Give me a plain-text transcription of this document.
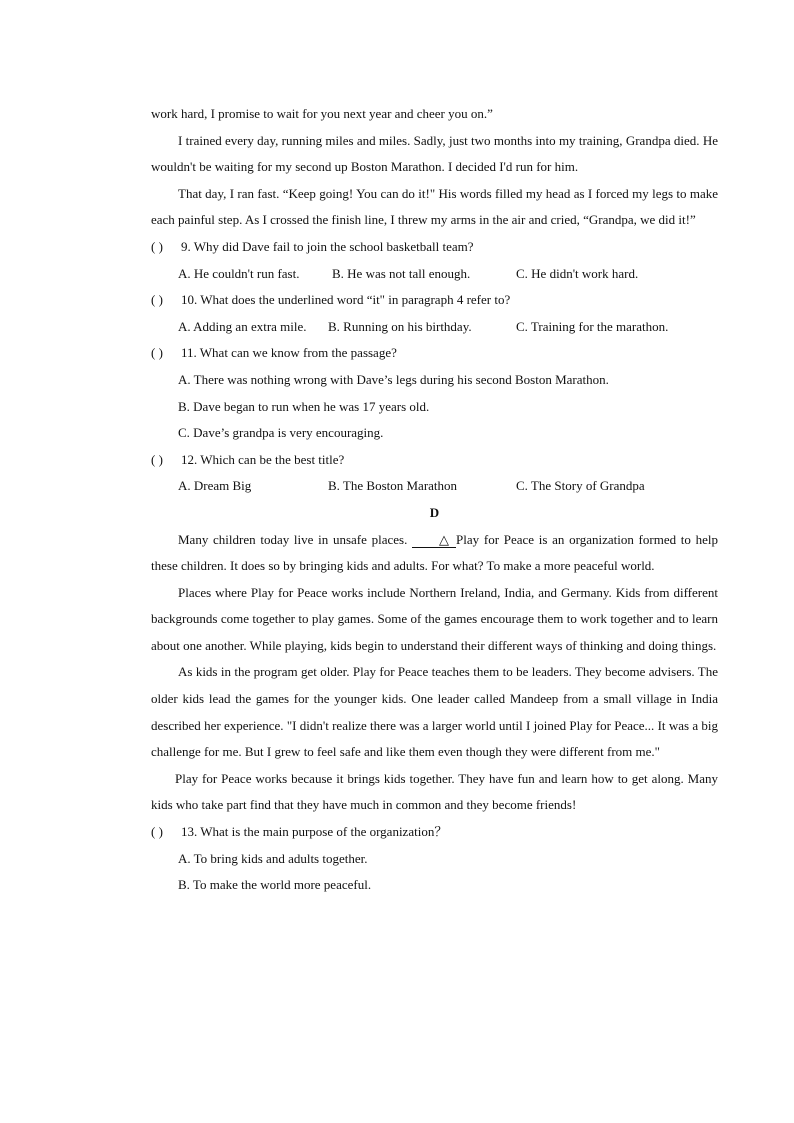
work hard, I promise to wait for you next year and cheer you on.”

I trained every day, running miles and miles. Sadly, just two months into my training, Grandpa died. He wouldn't be waiting for my second up Boston Marathon. I decided I'd run for him.

That day, I ran fast. “Keep going! You can do it!" His words filled my head as I forced my legs to make each painful step. As I crossed the finish line, I threw my arms in the air and cried, “Grandpa, we did it!”

( )	9. Why did Dave fail to join the school basketball team?
A. He couldn't run fast.	B. He was not tall enough.	C. He didn't work hard.
( )	10. What does the underlined word “it" in paragraph 4 refer to?
A. Adding an extra mile.	B. Running on his birthday.	C. Training for the marathon.
( )	11. What can we know from the passage?

A. There was nothing wrong with Dave’s legs during his second Boston Marathon.

B. Dave began to run when he was 17 years old.

C. Dave’s grandpa is very encouraging.

( )	12. Which can be the best title?
A. Dream Big	B. The Boston Marathon	C. The Story of Grandpa

D

Many children today live in unsafe places. △ Play for Peace is an organization formed to help these children. It does so by bringing kids and adults. For what? To make a more peaceful world.

Places where Play for Peace works include Northern Ireland, India, and Germany. Kids from different backgrounds come together to play games. Some of the games encourage them to work together and to learn about one another. While playing, kids begin to understand their different ways of thinking and doing things.

As kids in the program get older. Play for Peace teaches them to be leaders. They become advisers. The older kids lead the games for the younger kids. One leader called Mandeep from a small village in India described her experience. "I didn't realize there was a larger world until I joined Play for Peace... It was a big challenge for me. But I grew to feel safe and like them even though they were different from me."

Play for Peace works because it brings kids together. They have fun and learn how to get along. Many kids who take part find that they have much in common and they become friends!

( )	13. What is the main purpose of the organization？

A. To bring kids and adults together.

B. To make the world more peaceful.
